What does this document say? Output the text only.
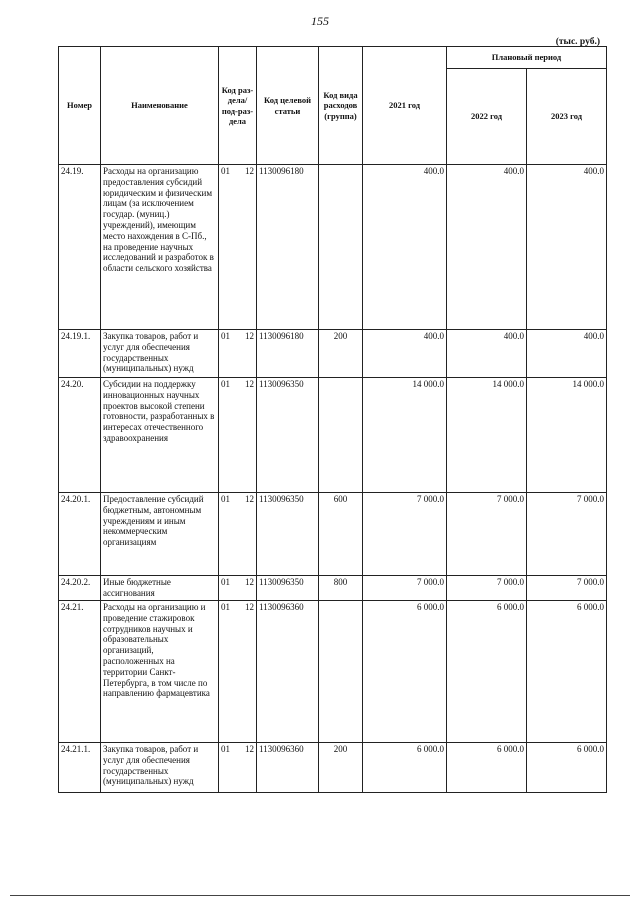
155
(тыс. руб.)
Номер	Наименование	Код раз-дела/ под-раз-дела	Код целевой статьи	Код вида расходов (группа)	2021 год	Плановый период	
						2022 год	2023 год
24.19.	Расходы на организацию предоставления субсидий юридическим и физическим лицам (за исключением государ. (муниц.) учреждений), имеющим место нахождения в С-Пб., на проведение научных исследований и разработок в области сельского хозяйства	01 12	1130096180		400.0	400.0	400.0
24.19.1.	Закупка товаров, работ и услуг для обеспечения государственных (муниципальных) нужд	01 12	1130096180	200	400.0	400.0	400.0
24.20.	Субсидии на поддержку инновационных научных проектов высокой степени готовности, разработанных в интересах отечественного здравоохранения	01 12	1130096350		14 000.0	14 000.0	14 000.0
24.20.1.	Предоставление субсидий бюджетным, автономным учреждениям и иным некоммерческим организациям	01 12	1130096350	600	7 000.0	7 000.0	7 000.0
24.20.2.	Иные бюджетные ассигнования	01 12	1130096350	800	7 000.0	7 000.0	7 000.0
24.21.	Расходы на организацию и проведение стажировок сотрудников научных и образовательных организаций, расположенных на территории Санкт-Петербурга, в том числе по направлению фармацевтика	01 12	1130096360		6 000.0	6 000.0	6 000.0
24.21.1.	Закупка товаров, работ и услуг для обеспечения государственных (муниципальных) нужд	01 12	1130096360	200	6 000.0	6 000.0	6 000.0
